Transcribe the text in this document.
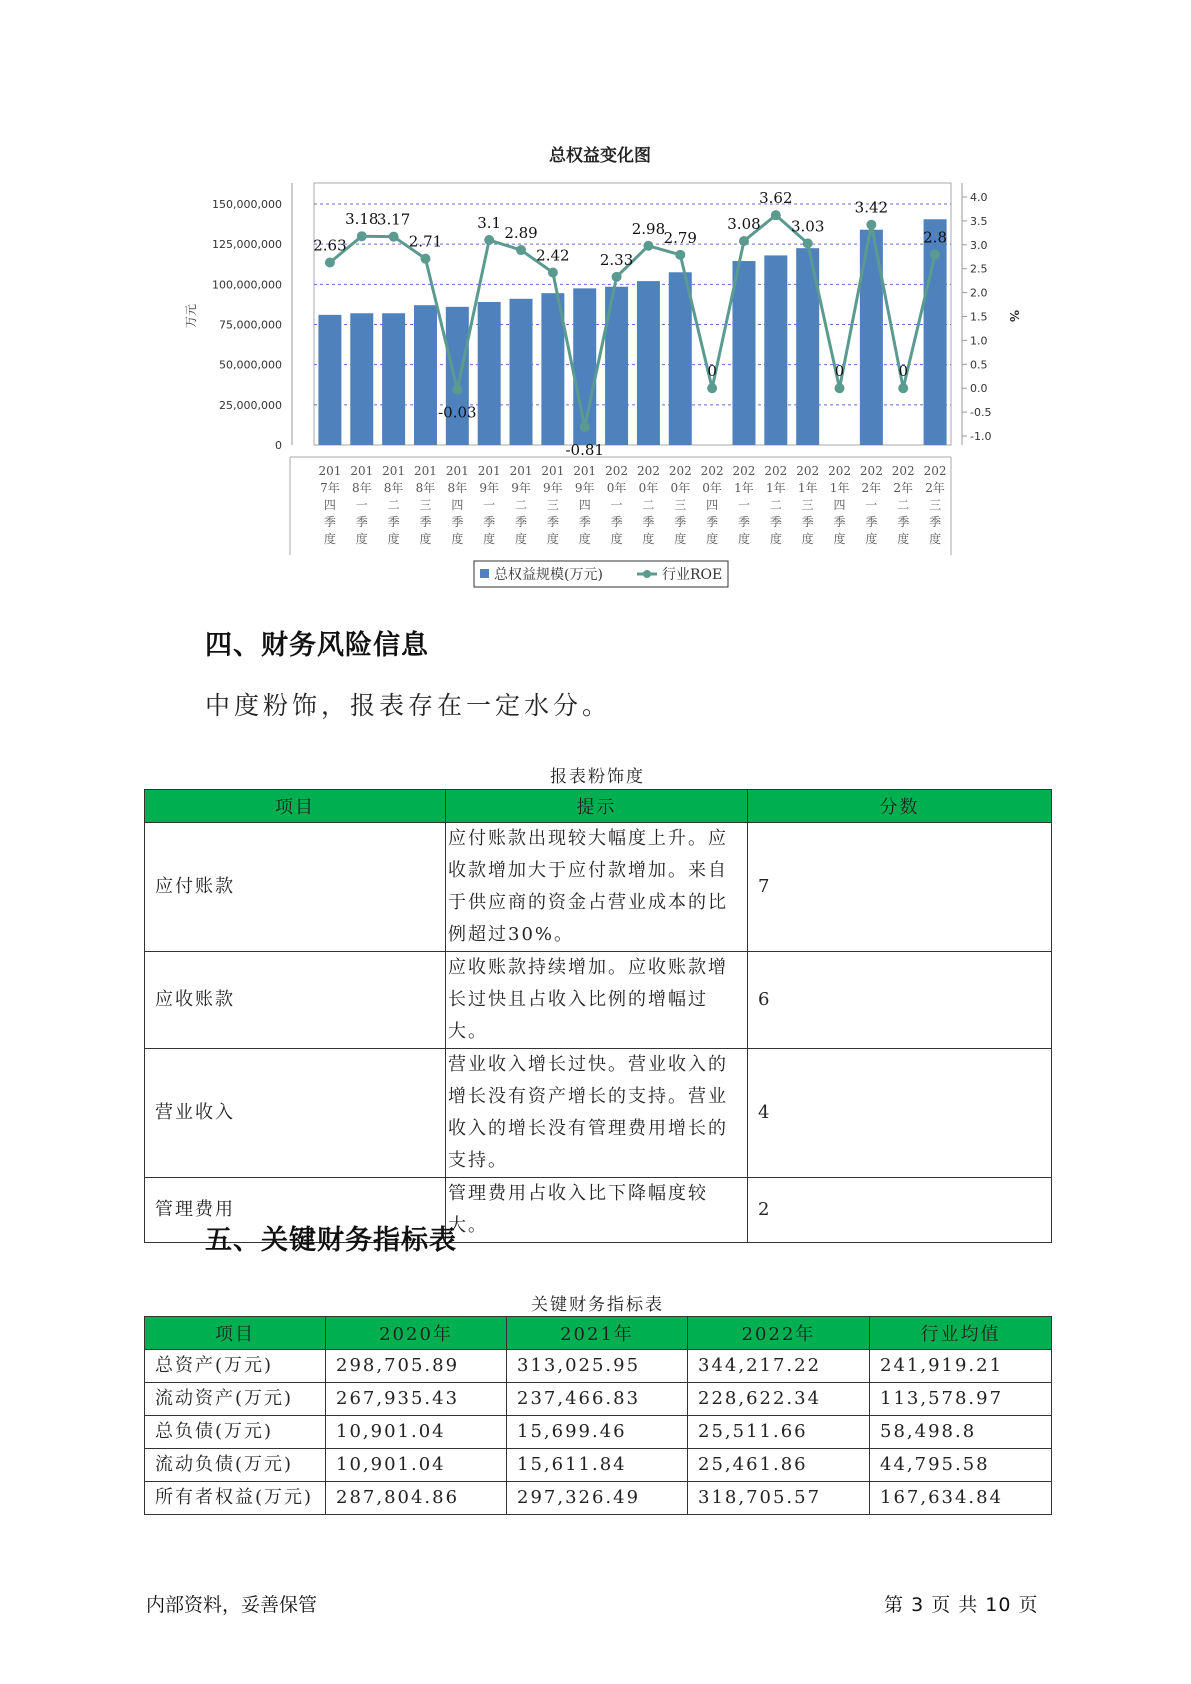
总权益变化图
150,000,000
125,000,000
100,000,000
75,000,000
50,000,000
25,000,000
0
万元
4.0
3.5
3.0
2.5
2.0
1.5
1.0
0.5
0.0
-0.5
-1.0
%
201
7年
四
季
度
201
8年
一
季
度
201
8年
二
季
度
201
8年
三
季
度
201
8年
四
季
度
201
9年
一
季
度
201
9年
二
季
度
201
9年
三
季
度
201
9年
四
季
度
202
0年
一
季
度
202
0年
二
季
度
202
0年
三
季
度
202
0年
四
季
度
202
1年
一
季
度
202
1年
二
季
度
202
1年
三
季
度
202
1年
四
季
度
202
2年
一
季
度
202
2年
二
季
度
202
2年
三
季
度
2.63
3.18
3.17
2.71
-0.03
3.1
2.89
2.42
-0.81
2.33
2.98
2.79
0
3.08
3.62
3.03
0
3.42
0
2.8
总权益规模(万元)	行业ROE
四、财务风险信息
中度粉饰，报表存在一定水分。
报表粉饰度
项目	提示	分数
应付账款	应付账款出现较大幅度上升。应收款增加大于应付款增加。来自于供应商的资金占营业成本的比例超过30%。	7
应收账款	应收账款持续增加。应收账款增长过快且占收入比例的增幅过大。	6
营业收入	营业收入增长过快。营业收入的增长没有资产增长的支持。营业收入的增长没有管理费用增长的支持。	4
管理费用	管理费用占收入比下降幅度较大。	2
五、关键财务指标表
关键财务指标表
项目	2020年	2021年	2022年	行业均值
总资产(万元)	298,705.89	313,025.95	344,217.22	241,919.21
流动资产(万元)	267,935.43	237,466.83	228,622.34	113,578.97
总负债(万元)	10,901.04	15,699.46	25,511.66	58,498.8
流动负债(万元)	10,901.04	15,611.84	25,461.86	44,795.58
所有者权益(万元)	287,804.86	297,326.49	318,705.57	167,634.84
内部资料，妥善保管	第 3 页 共 10 页
